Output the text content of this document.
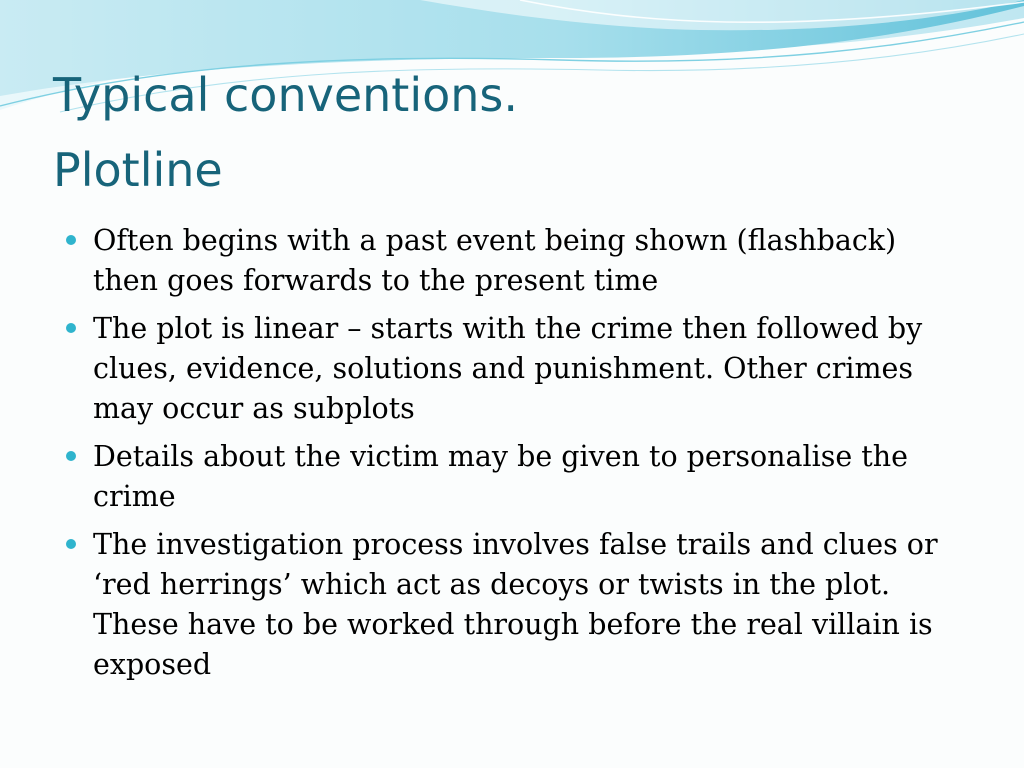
Typical conventions.
Plotline
Often begins with a past event being shown (flashback) then goes forwards to the present time
The plot is linear – starts with the crime then followed by clues, evidence, solutions and punishment. Other crimes may occur as subplots
Details about the victim may be given to personalise the crime
The investigation process involves false trails and clues or ‘red herrings’ which act as decoys or twists in the plot. These have to be worked through before the real villain is exposed
